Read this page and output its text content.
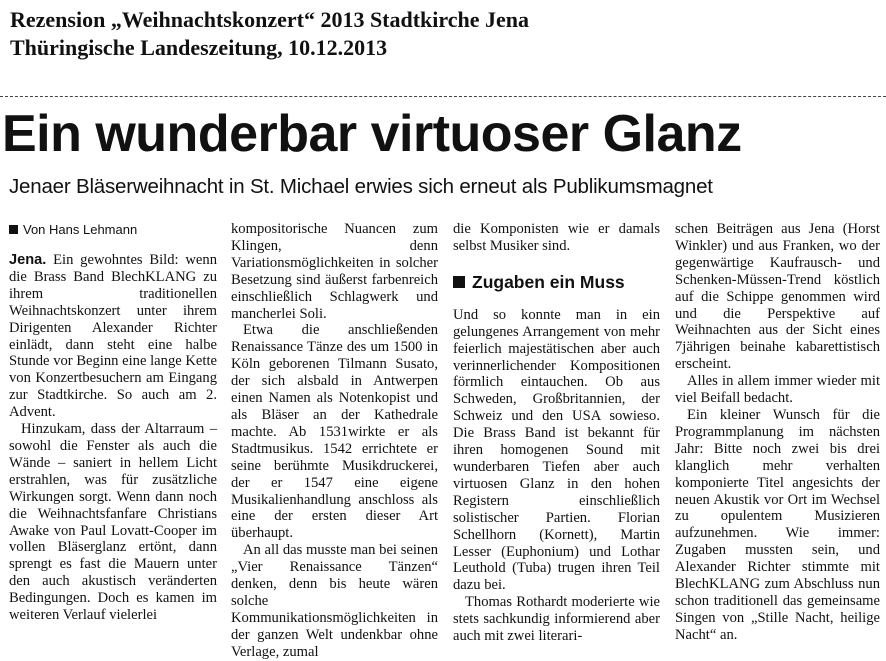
Rezension „Weihnachtskonzert“ 2013 Stadtkirche Jena
Thüringische Landeszeitung, 10.12.2013
Ein wunderbar virtuoser Glanz
Jenaer Bläserweihnacht in St. Michael erwies sich erneut als Publikumsmagnet
Von Hans Lehmann

Jena. Ein gewohntes Bild: wenn die Brass Band BlechKLANG zu ihrem traditionellen Weihnachtskonzert unter ihrem Dirigenten Alexander Richter einlädt, dann steht eine halbe Stunde vor Beginn eine lange Kette von Konzertbesuchern am Eingang zur Stadtkirche. So auch am 2. Advent.

Hinzukam, dass der Altarraum – sowohl die Fenster als auch die Wände – saniert in hellem Licht erstrahlen, was für zusätzliche Wirkungen sorgt. Wenn dann noch die Weihnachtsfanfare Christians Awake von Paul Lovatt-Cooper im vollen Bläserglanz ertönt, dann sprengt es fast die Mauern unter den auch akustisch veränderten Bedingungen. Doch es kamen im weiteren Verlauf vielerlei

kompositorische Nuancen zum Klingen, denn Variationsmöglichkeiten in solcher Besetzung sind äußerst farbenreich einschließlich Schlagwerk und mancherlei Soli.

Etwa die anschließenden Renaissance Tänze des um 1500 in Köln geborenen Tilmann Susato, der sich alsbald in Antwerpen einen Namen als Notenkopist und als Bläser an der Kathedrale machte. Ab 1531wirkte er als Stadtmusikus. 1542 errichtete er seine berühmte Musikdruckerei, der er 1547 eine eigene Musikalienhandlung anschloss als eine der ersten dieser Art überhaupt.

An all das musste man bei seinen „Vier Renaissance Tänzen“ denken, denn bis heute wären solche Kommunikationsmöglichkeiten in der ganzen Welt undenkbar ohne Verlage, zumal

die Komponisten wie er damals selbst Musiker sind.

Zugaben ein Muss

Und so konnte man in ein gelungenes Arrangement von mehr feierlich majestätischen aber auch verinnerlichender Kompositionen förmlich eintauchen. Ob aus Schweden, Großbritannien, der Schweiz und den USA sowieso. Die Brass Band ist bekannt für ihren homogenen Sound mit wunderbaren Tiefen aber auch virtuosen Glanz in den hohen Registern einschließlich solistischer Partien. Florian Schellhorn (Kornett), Martin Lesser (Euphonium) und Lothar Leuthold (Tuba) trugen ihren Teil dazu bei.

Thomas Rothardt moderierte wie stets sachkundig informierend aber auch mit zwei literari-

schen Beiträgen aus Jena (Horst Winkler) und aus Franken, wo der gegenwärtige Kaufrausch- und Schenken-Müssen-Trend köstlich auf die Schippe genommen wird und die Perspektive auf Weihnachten aus der Sicht eines 7jährigen beinahe kabarettistisch erscheint.

Alles in allem immer wieder mit viel Beifall bedacht.

Ein kleiner Wunsch für die Programmplanung im nächsten Jahr: Bitte noch zwei bis drei klanglich mehr verhalten komponierte Titel angesichts der neuen Akustik vor Ort im Wechsel zu opulentem Musizieren aufzunehmen. Wie immer: Zugaben mussten sein, und Alexander Richter stimmte mit BlechKLANG zum Abschluss nun schon traditionell das gemeinsame Singen von „Stille Nacht, heilige Nacht“ an.
